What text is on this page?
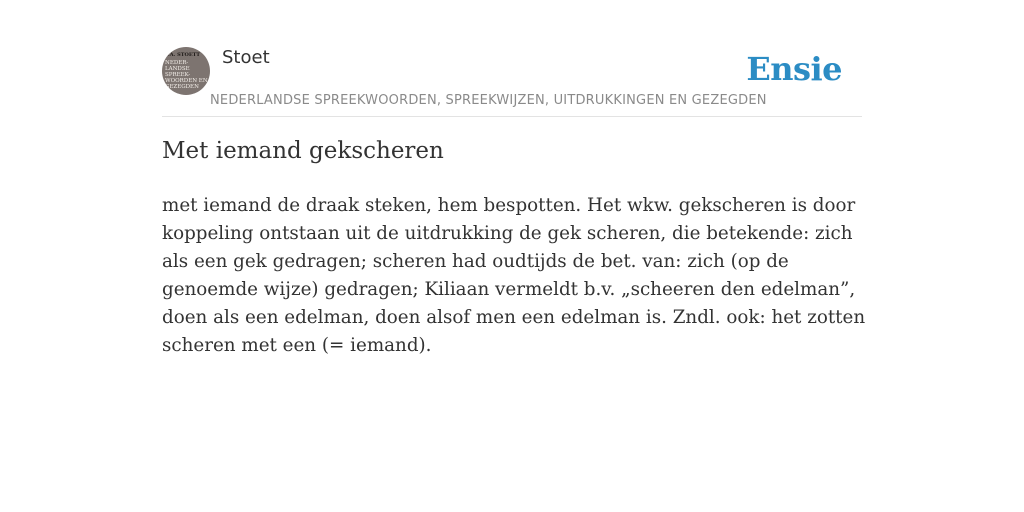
F.A. STOETT
NEDER-
LANDSE
SPREEK-
WOORDEN EN
GEZEGDEN
Stoet	Ensie
NEDERLANDSE SPREEKWOORDEN, SPREEKWIJZEN, UITDRUKKINGEN EN GEZEGDEN
Met iemand gekscheren

met iemand de draak steken, hem bespotten. Het wkw. gekscheren is door koppeling ontstaan uit de uitdrukking de gek scheren, die betekende: zich als een gek gedragen; scheren had oudtijds de bet. van: zich (op de genoemde wijze) gedragen; Kiliaan vermeldt b.v. „scheeren den edelman”, doen als een edelman, doen alsof men een edelman is. Zndl. ook: het zotten scheren met een (= iemand).
